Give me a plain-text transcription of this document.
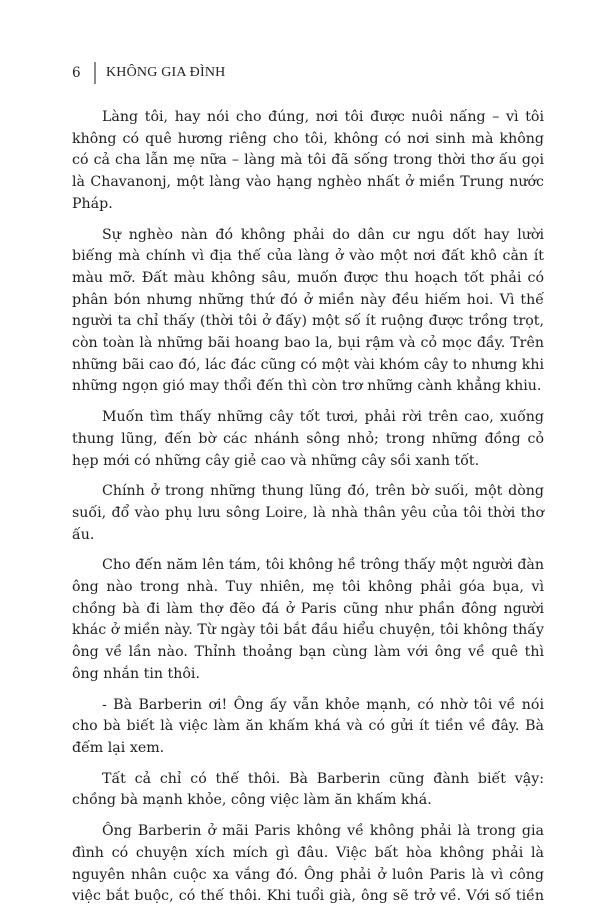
6	KHÔNG GIA ĐÌNH

Làng tôi, hay nói cho đúng, nơi tôi được nuôi nấng – vì tôi không có quê hương riêng cho tôi, không có nơi sinh mà không có cả cha lẫn mẹ nữa – làng mà tôi đã sống trong thời thơ ấu gọi là Chavanonj, một làng vào hạng nghèo nhất ở miền Trung nước Pháp.

Sự nghèo nàn đó không phải do dân cư ngu dốt hay lười biếng mà chính vì địa thế của làng ở vào một nơi đất khô cằn ít màu mỡ. Đất màu không sâu, muốn được thu hoạch tốt phải có phân bón nhưng những thứ đó ở miền này đều hiếm hoi. Vì thế người ta chỉ thấy (thời tôi ở đấy) một số ít ruộng được trồng trọt, còn toàn là những bãi hoang bao la, bụi rậm và cỏ mọc đầy. Trên những bãi cao đó, lác đác cũng có một vài khóm cây to nhưng khi những ngọn gió may thổi đến thì còn trơ những cành khẳng khiu.

Muốn tìm thấy những cây tốt tươi, phải rời trên cao, xuống thung lũng, đến bờ các nhánh sông nhỏ; trong những đồng cỏ hẹp mới có những cây giẻ cao và những cây sồi xanh tốt.

Chính ở trong những thung lũng đó, trên bờ suối, một dòng suối, đổ vào phụ lưu sông Loire, là nhà thân yêu của tôi thời thơ ấu.

Cho đến năm lên tám, tôi không hề trông thấy một người đàn ông nào trong nhà. Tuy nhiên, mẹ tôi không phải góa bụa, vì chồng bà đi làm thợ đẽo đá ở Paris cũng như phần đông người khác ở miền này. Từ ngày tôi bắt đầu hiểu chuyện, tôi không thấy ông về lần nào. Thỉnh thoảng bạn cùng làm với ông về quê thì ông nhắn tin thôi.

- Bà Barberin ơi! Ông ấy vẫn khỏe mạnh, có nhờ tôi về nói cho bà biết là việc làm ăn khấm khá và có gửi ít tiền về đây. Bà đếm lại xem.

Tất cả chỉ có thế thôi. Bà Barberin cũng đành biết vậy: chồng bà mạnh khỏe, công việc làm ăn khấm khá.

Ông Barberin ở mãi Paris không về không phải là trong gia đình có chuyện xích mích gì đâu. Việc bất hòa không phải là nguyên nhân cuộc xa vắng đó. Ông phải ở luôn Paris là vì công việc bắt buộc, có thế thôi. Khi tuổi già, ông sẽ trở về. Với số tiền
